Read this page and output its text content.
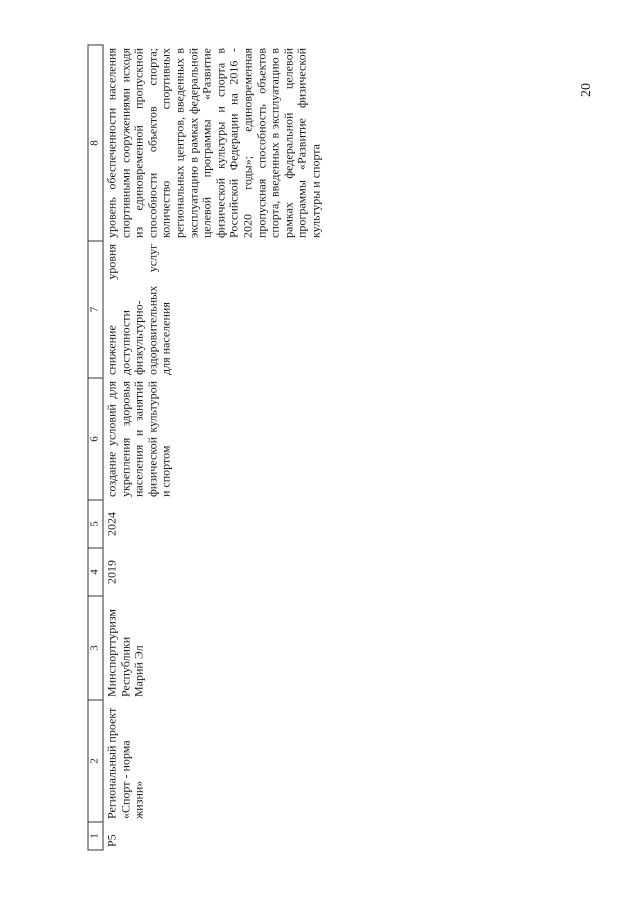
20
1	2	3	4	5	6	7	8
Р5	Региональный проект «Спорт - норма жизни»	Минспорттуризм Республики Марий Эл	2019	2024	создание условий для укрепления здоровья населения и занятий физической культурой и спортом	снижение уровня доступности физкультурно-оздоровительных услуг для населения	уровень обеспеченности населения спортивными сооружениями исходя из единовременной пропускной способности объектов спорта; количество спортивных региональных центров, введенных в эксплуатацию в рамках федеральной целевой программы «Развитие физической культуры и спорта в Российской Федерации на 2016 - 2020 годы»; единовременная пропускная способность объектов спорта, введенных в эксплуатацию в рамках федеральной целевой программы «Развитие физической культуры и спорта
